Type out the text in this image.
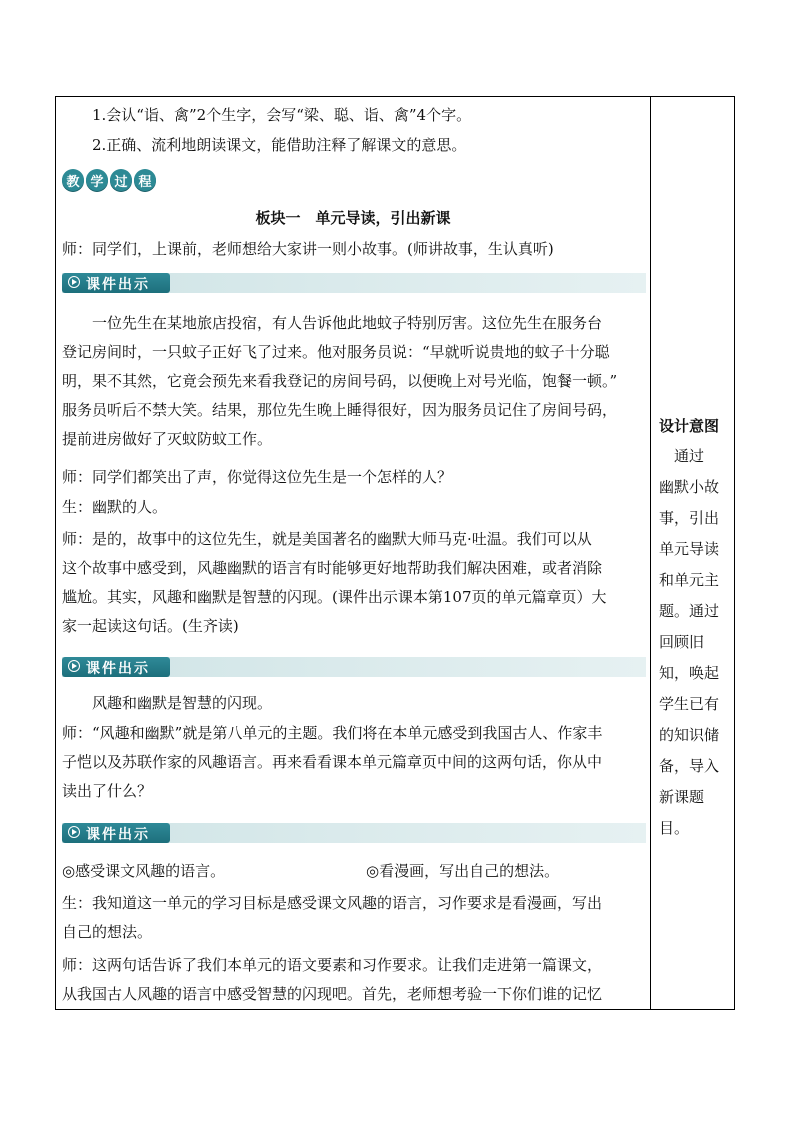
1.会认“诣、禽”2个生字，会写“梁、聪、诣、禽”4个字。
2.正确、流利地朗读课文，能借助注释了解课文的意思。
教 学 过 程
板块一　单元导读，引出新课
师：同学们，上课前，老师想给大家讲一则小故事。(师讲故事，生认真听)
课件出示
一位先生在某地旅店投宿，有人告诉他此地蚊子特别厉害。这位先生在服务台
登记房间时，一只蚊子正好飞了过来。他对服务员说：“早就听说贵地的蚊子十分聪
明，果不其然，它竟会预先来看我登记的房间号码，以便晚上对号光临，饱餐一顿。”
服务员听后不禁大笑。结果，那位先生晚上睡得很好，因为服务员记住了房间号码，
提前进房做好了灭蚊防蚊工作。
师：同学们都笑出了声，你觉得这位先生是一个怎样的人？
生：幽默的人。
师：是的，故事中的这位先生，就是美国著名的幽默大师马克·吐温。我们可以从
这个故事中感受到，风趣幽默的语言有时能够更好地帮助我们解决困难，或者消除
尴尬。其实，风趣和幽默是智慧的闪现。(课件出示课本第107页的单元篇章页）大
家一起读这句话。(生齐读)
课件出示
风趣和幽默是智慧的闪现。
师：“风趣和幽默”就是第八单元的主题。我们将在本单元感受到我国古人、作家丰
子恺以及苏联作家的风趣语言。再来看看课本单元篇章页中间的这两句话，你从中
读出了什么？
课件出示
◎感受课文风趣的语言。	◎看漫画，写出自己的想法。
生：我知道这一单元的学习目标是感受课文风趣的语言，习作要求是看漫画，写出
自己的想法。
师：这两句话告诉了我们本单元的语文要素和习作要求。让我们走进第一篇课文，
从我国古人风趣的语言中感受智慧的闪现吧。首先，老师想考验一下你们谁的记忆
设计意图
　通过
幽默小故
事，引出
单元导读
和单元主
题。通过
回顾旧
知，唤起
学生已有
的知识储
备，导入
新课题
目。
